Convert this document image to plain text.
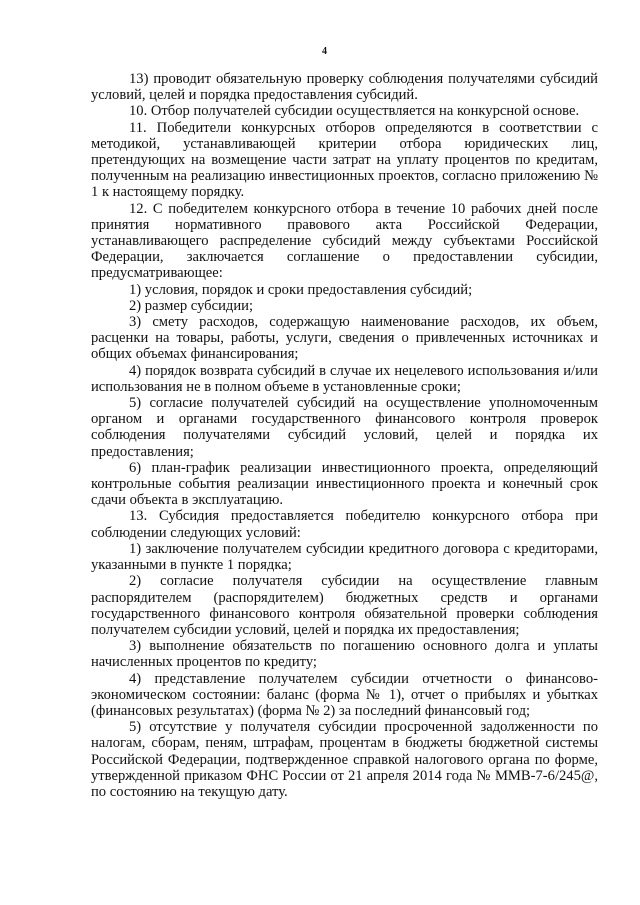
4

13) проводит обязательную проверку соблюдения получателями субсидий условий, целей и порядка предоставления субсидий.

10. Отбор получателей субсидии осуществляется на конкурсной основе.

11. Победители конкурсных отборов определяются в соответствии с методикой, устанавливающей критерии отбора юридических лиц, претендующих на возмещение части затрат на уплату процентов по кредитам, полученным на реализацию инвестиционных проектов, согласно приложению № 1 к настоящему порядку.

12. С победителем конкурсного отбора в течение 10 рабочих дней после принятия нормативного правового акта Российской Федерации, устанавливающего распределение субсидий между субъектами Российской Федерации, заключается соглашение о предоставлении субсидии, предусматривающее:

1) условия, порядок и сроки предоставления субсидий;

2) размер субсидии;

3) смету расходов, содержащую наименование расходов, их объем, расценки на товары, работы, услуги, сведения о привлеченных источниках и общих объемах финансирования;

4) порядок возврата субсидий в случае их нецелевого использования и/или использования не в полном объеме в установленные сроки;

5) согласие получателей субсидий на осуществление уполномоченным органом и органами государственного финансового контроля проверок соблюдения получателями субсидий условий, целей и порядка их предоставления;

6) план-график реализации инвестиционного проекта, определяющий контрольные события реализации инвестиционного проекта и конечный срок сдачи объекта в эксплуатацию.

13. Субсидия предоставляется победителю конкурсного отбора при соблюдении следующих условий:

1) заключение получателем субсидии кредитного договора с кредиторами, указанными в пункте 1 порядка;

2) согласие получателя субсидии на осуществление главным распорядителем (распорядителем) бюджетных средств и органами государственного финансового контроля обязательной проверки соблюдения получателем субсидии условий, целей и порядка их предоставления;

3) выполнение обязательств по погашению основного долга и уплаты начисленных процентов по кредиту;

4) представление получателем субсидии отчетности о финансово-экономическом состоянии: баланс (форма № 1), отчет о прибылях и убытках (финансовых результатах) (форма № 2) за последний финансовый год;

5) отсутствие у получателя субсидии просроченной задолженности по налогам, сборам, пеням, штрафам, процентам в бюджеты бюджетной системы Российской Федерации, подтвержденное справкой налогового органа по форме, утвержденной приказом ФНС России от 21 апреля 2014 года № ММВ-7-6/245@, по состоянию на текущую дату.
